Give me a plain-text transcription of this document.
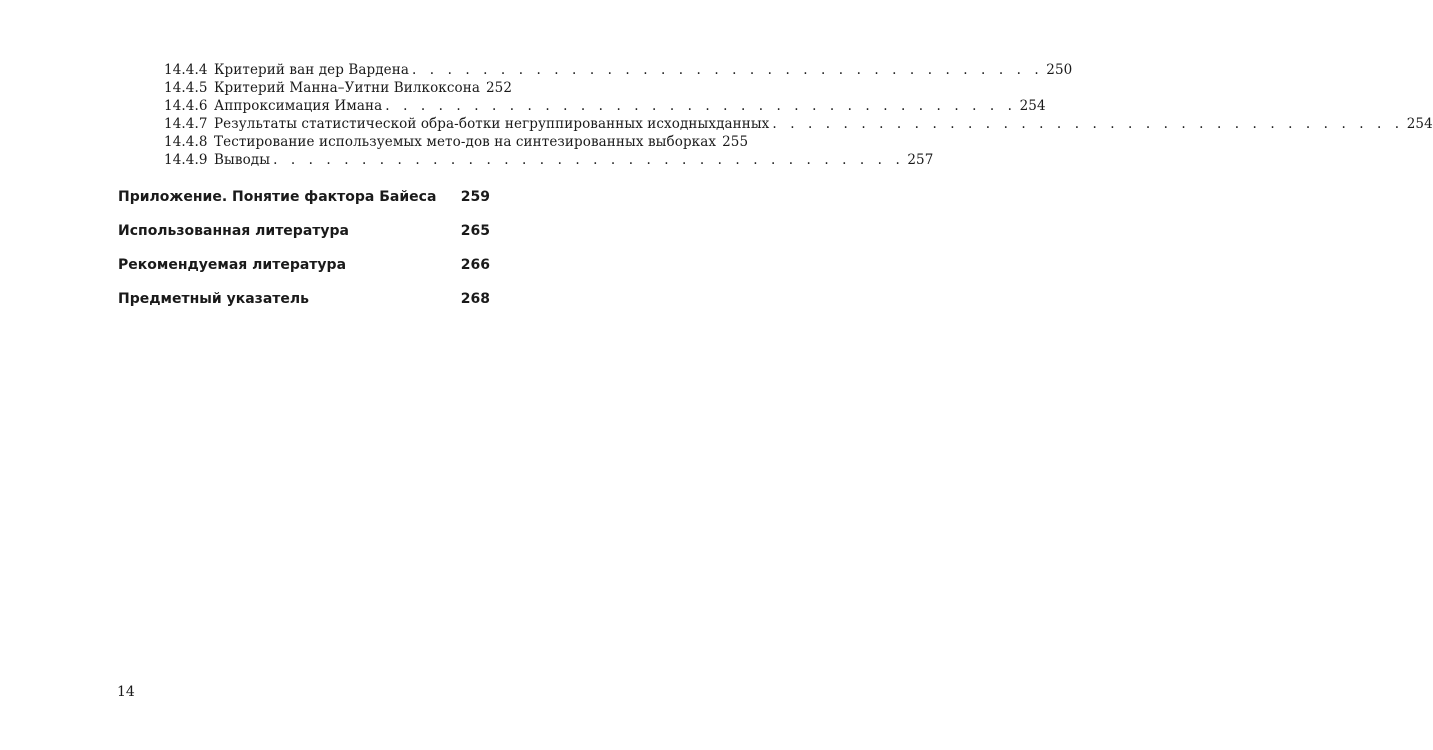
14.4.4 Критерий ван дер Вардена . . . . . . . . . . . . . . . . . . . . . . . . . . . . . . . . . . . . 250
14.4.5 Критерий Манна–Уитни Вилкоксона 252
14.4.6 Аппроксимация Имана . . . . . . . . . . . . . . . . . . . . . . . . . . . . . . . . . . . . 254
14.4.7 Результаты статистической обра- ботки негруппированных исходных данных . . . . . . . . . . . . . . . . . . . . . . . . . . . . . . . . . . . . 254
14.4.8 Тестирование используемых мето- дов на синтезированных выборках 255
14.4.9 Выводы . . . . . . . . . . . . . . . . . . . . . . . . . . . . . . . . . . . . 257
Приложение. Понятие фактора Байеса	259
Использованная литература	265
Рекомендуемая литература	266
Предметный указатель	268
14
